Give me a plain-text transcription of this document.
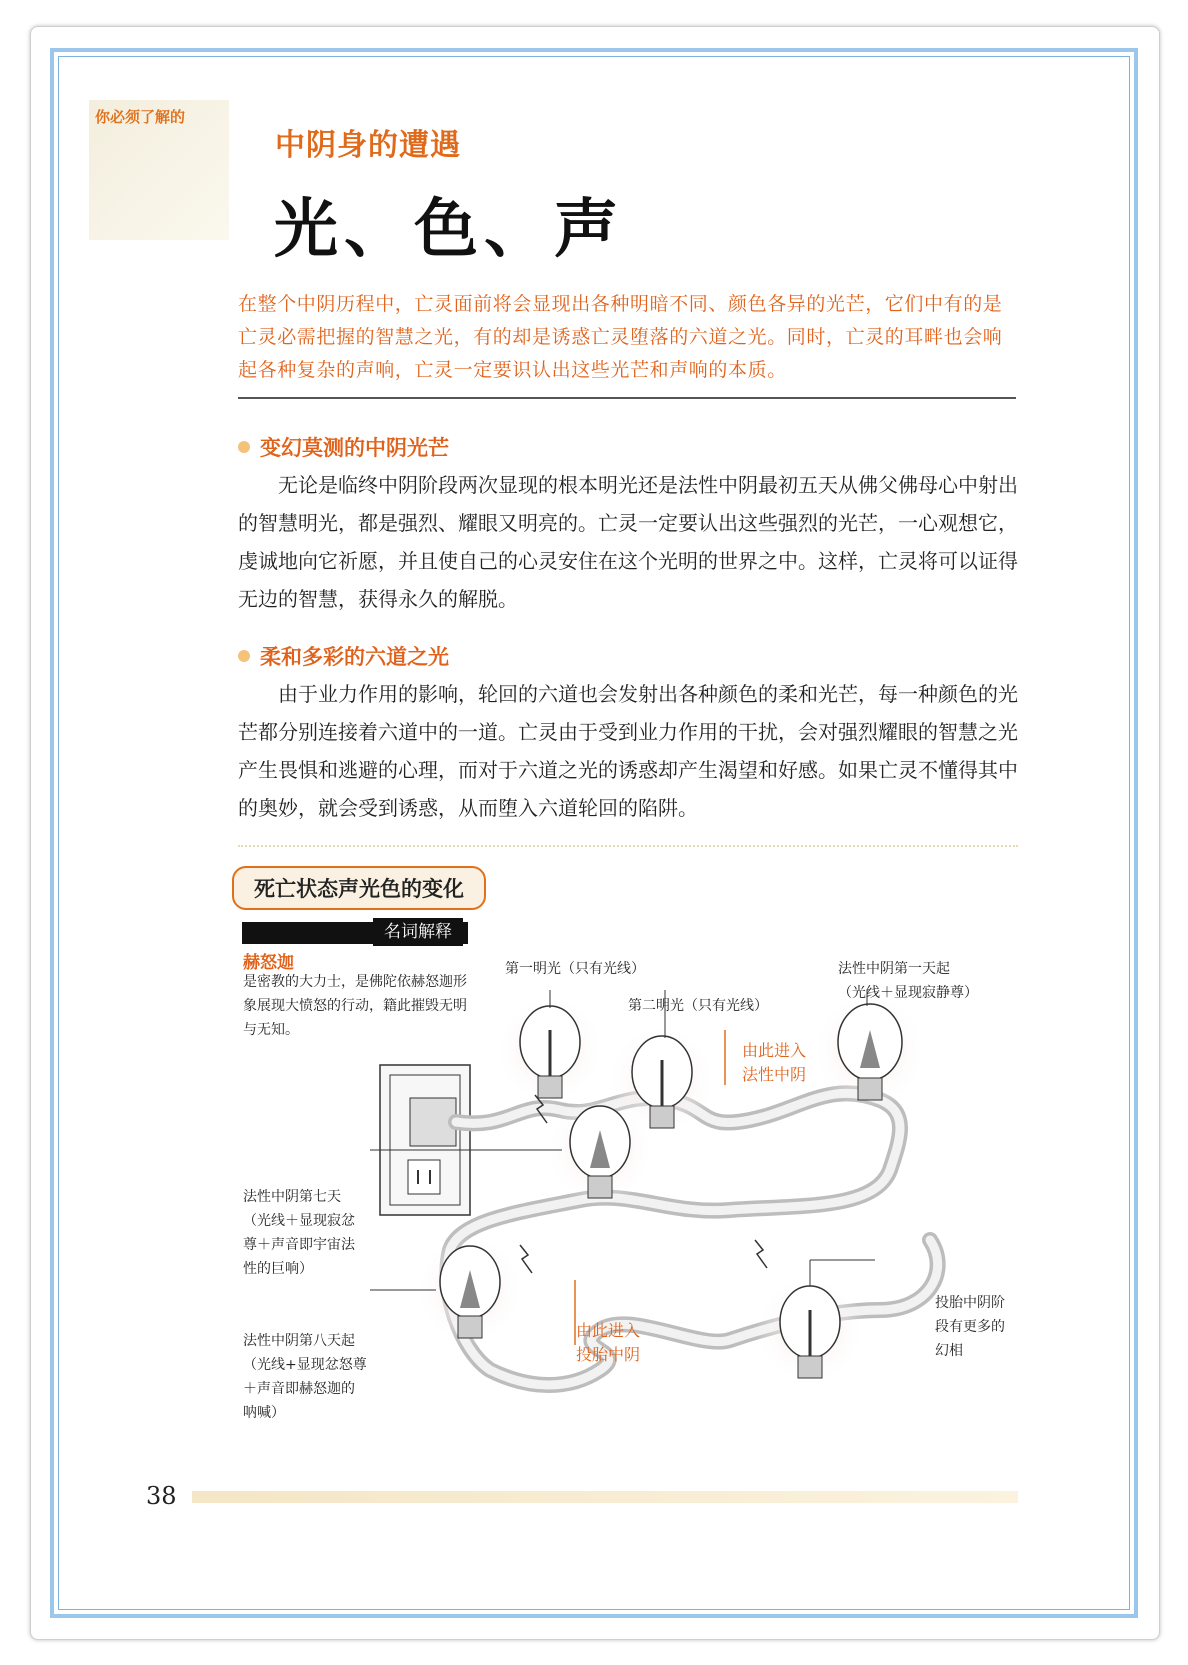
你必须了解的
中阴身的遭遇
光、色、声
在整个中阴历程中，亡灵面前将会显现出各种明暗不同、颜色各异的光芒，它们中有的是亡灵必需把握的智慧之光，有的却是诱惑亡灵堕落的六道之光。同时，亡灵的耳畔也会响起各种复杂的声响，亡灵一定要识认出这些光芒和声响的本质。
变幻莫测的中阴光芒
无论是临终中阴阶段两次显现的根本明光还是法性中阴最初五天从佛父佛母心中射出的智慧明光，都是强烈、耀眼又明亮的。亡灵一定要认出这些强烈的光芒，一心观想它，虔诚地向它祈愿，并且使自己的心灵安住在这个光明的世界之中。这样，亡灵将可以证得无边的智慧，获得永久的解脱。
柔和多彩的六道之光
由于业力作用的影响，轮回的六道也会发射出各种颜色的柔和光芒，每一种颜色的光芒都分别连接着六道中的一道。亡灵由于受到业力作用的干扰，会对强烈耀眼的智慧之光产生畏惧和逃避的心理，而对于六道之光的诱惑却产生渴望和好感。如果亡灵不懂得其中的奥妙，就会受到诱惑，从而堕入六道轮回的陷阱。
死亡状态声光色的变化
名词解释
赫怒迦
是密教的大力士，是佛陀依赫怒迦形象展现大愤怒的行动，籍此摧毁无明与无知。
第一明光（只有光线）
第二明光（只有光线）
法性中阴第一天起
（光线＋显现寂静尊）
由此进入
法性中阴
法性中阴第七天
（光线＋显现寂忿
尊＋声音即宇宙法
性的巨响）
法性中阴第八天起
（光线+显现忿怒尊
＋声音即赫怒迦的
呐喊）
由此进入
投胎中阴
投胎中阴阶
段有更多的
幻相
38
